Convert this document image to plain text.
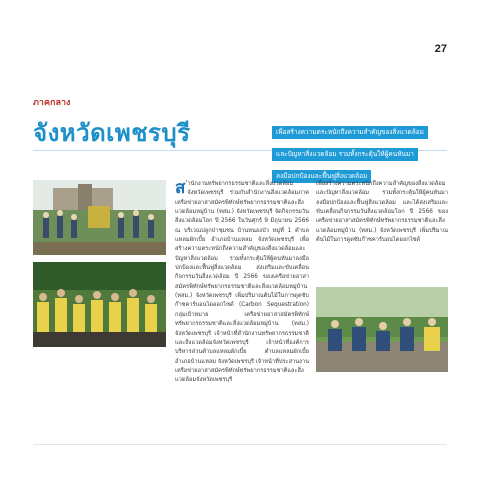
27
ภาคกลาง
จังหวัดเพชรบุรี	เพื่อสร้างความตระหนักถึงความสำคัญของสิ่งแวดล้อม
และปัญหาสิ่งแวดล้อม รวมทั้งกระตุ้นให้ผู้คนหันมา
ลงมือปกป้องและฟื้นฟูสิ่งแวดล้อม
ส ำนักงานทรัพยากรธรรมชาติและสิ่งแวดล้อมจังหวัดเพชรบุรี ร่วมกับสำนักงานสิ่งแวดล้อมภาค เครือข่ายอาสาสมัครพิทักษ์ทรัพยากรธรรมชาติและสิ่งแวดล้อมหมู่บ้าน (ทสม.) จังหวัดเพชรบุรี จัดกิจกรรมวันสิ่งแวดล้อมโลก ปี 2566 ในวันศุกร์ 9 มิถุนายน 2566 ณ บริเวณปลูกป่าชุมชน บ้านหนองบัว หมู่ที่ 1 ตำบลแหลมผักเบี้ย อำเภอบ้านแหลม จังหวัดเพชรบุรี เพื่อสร้างความตระหนักถึงความสำคัญของสิ่งแวดล้อมและปัญหาสิ่งแวดล้อม รวมทั้งกระตุ้นให้ผู้คนหันมาลงมือปกป้องและฟื้นฟูสิ่งแวดล้อม ส่งเสริมและขับเคลื่อนกิจกรรมวันสิ่งแวดล้อม ปี 2566 ของเครือข่ายอาสาสมัครพิทักษ์ทรัพยากรธรรมชาติและสิ่งแวดล้อมหมู่บ้าน (ทสม.) จังหวัดเพชรบุรี เพิ่มปริมาณต้นไม้ในการดูดซับก๊าซคาร์บอนไดออกไซด์ (Carbon Sequestration) กลุ่มเป้าหมาย เครือข่ายอาสาสมัครพิทักษ์ทรัพยากรธรรมชาติและสิ่งแวดล้อมหมู่บ้าน (ทสม.) จังหวัดเพชรบุรี เจ้าหน้าที่สำนักงานทรัพยากรธรรมชาติและสิ่งแวดล้อมจังหวัดเพชรบุรี เจ้าหน้าที่องค์การบริหารส่วนตำบลแหลมผักเบี้ย ตำบลแหลมผักเบี้ย อำเภอบ้านแหลม จังหวัดเพชรบุรี เจ้าหน้าที่ประสานงานเครือข่ายอาสาสมัครพิทักษ์ทรัพยากรธรรมชาติและสิ่งแวดล้อมจังหวัดเพชรบุรี

เพื่อสร้างความตระหนักถึงความสำคัญของสิ่งแวดล้อมและปัญหาสิ่งแวดล้อม รวมทั้งกระตุ้นให้ผู้คนหันมาลงมือปกป้องและฟื้นฟูสิ่งแวดล้อม และได้ส่งเสริมและขับเคลื่อนกิจกรรมวันสิ่งแวดล้อมโลก ปี 2566 ของเครือข่ายอาสาสมัครพิทักษ์ทรัพยากรธรรมชาติและสิ่งแวดล้อมหมู่บ้าน (ทสม.) จังหวัดเพชรบุรี เพิ่มปริมาณต้นไม้ในการดูดซับก๊าซคาร์บอนไดออกไซด์
